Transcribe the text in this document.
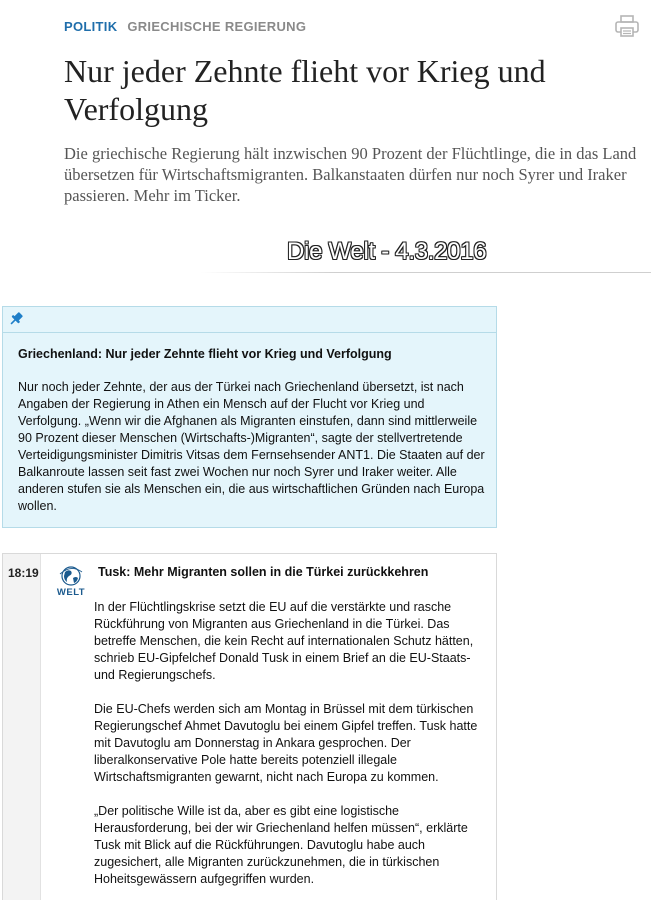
POLITIK GRIECHISCHE REGIERUNG
Nur jeder Zehnte flieht vor Krieg und Verfolgung

Die griechische Regierung hält inzwischen 90 Prozent der Flüchtlinge, die in das Land übersetzen für Wirtschaftsmigranten. Balkanstaaten dürfen nur noch Syrer und Iraker passieren. Mehr im Ticker.

Die Welt - 4.3.2016

Griechenland: Nur jeder Zehnte flieht vor Krieg und Verfolgung

Nur noch jeder Zehnte, der aus der Türkei nach Griechenland übersetzt, ist nach Angaben der Regierung in Athen ein Mensch auf der Flucht vor Krieg und Verfolgung. „Wenn wir die Afghanen als Migranten einstufen, dann sind mittlerweile 90 Prozent dieser Menschen (Wirtschafts-)Migranten“, sagte der stellvertretende Verteidigungsminister Dimitris Vitsas dem Fernsehsender ANT1. Die Staaten auf der Balkanroute lassen seit fast zwei Wochen nur noch Syrer und Iraker weiter. Alle anderen stufen sie als Menschen ein, die aus wirtschaftlichen Gründen nach Europa wollen.

18:19
WELT

Tusk: Mehr Migranten sollen in die Türkei zurückkehren

In der Flüchtlingskrise setzt die EU auf die verstärkte und rasche Rückführung von Migranten aus Griechenland in die Türkei. Das betreffe Menschen, die kein Recht auf internationalen Schutz hätten, schrieb EU-Gipfelchef Donald Tusk in einem Brief an die EU-Staats- und Regierungschefs.

Die EU-Chefs werden sich am Montag in Brüssel mit dem türkischen Regierungschef Ahmet Davutoglu bei einem Gipfel treffen. Tusk hatte mit Davutoglu am Donnerstag in Ankara gesprochen. Der liberalkonservative Pole hatte bereits potenziell illegale Wirtschaftsmigranten gewarnt, nicht nach Europa zu kommen.

„Der politische Wille ist da, aber es gibt eine logistische Herausforderung, bei der wir Griechenland helfen müssen“, erklärte Tusk mit Blick auf die Rückführungen. Davutoglu habe auch zugesichert, alle Migranten zurückzunehmen, die in türkischen Hoheitsgewässern aufgegriffen wurden.
